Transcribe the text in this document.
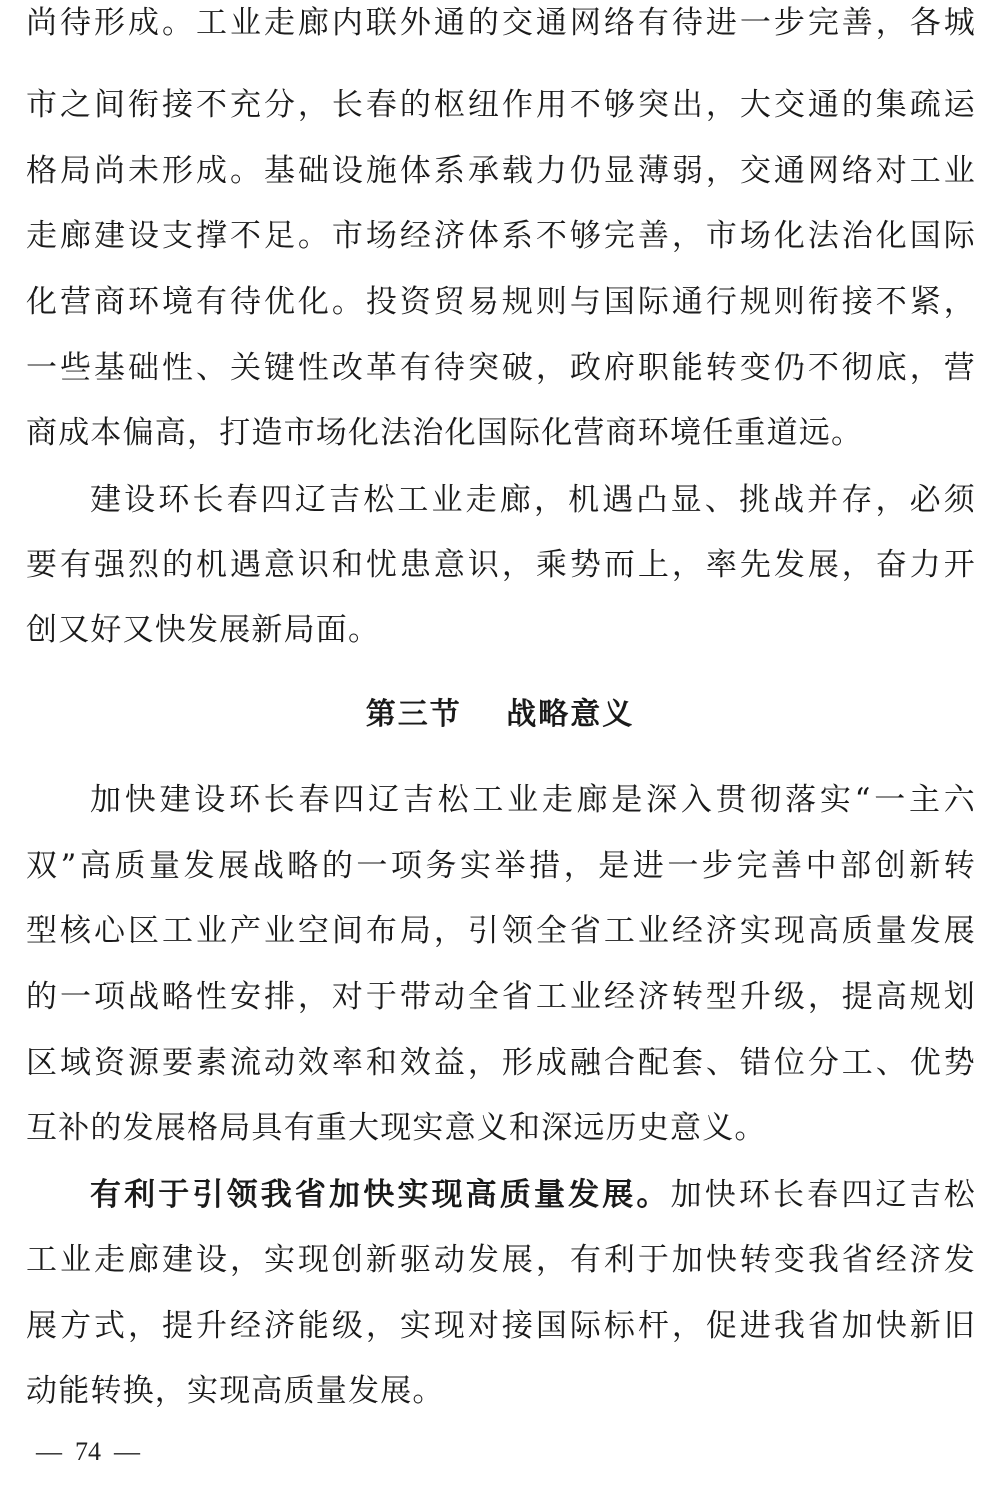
尚待形成。工业走廊内联外通的交通网络有待进一步完善，各城
市之间衔接不充分，长春的枢纽作用不够突出，大交通的集疏运
格局尚未形成。基础设施体系承载力仍显薄弱，交通网络对工业
走廊建设支撑不足。市场经济体系不够完善，市场化法治化国际
化营商环境有待优化。投资贸易规则与国际通行规则衔接不紧，
一些基础性、关键性改革有待突破，政府职能转变仍不彻底，营
商成本偏高，打造市场化法治化国际化营商环境任重道远。
建设环长春四辽吉松工业走廊，机遇凸显、挑战并存，必须
要有强烈的机遇意识和忧患意识，乘势而上，率先发展，奋力开
创又好又快发展新局面。
第三节　 战略意义
加快建设环长春四辽吉松工业走廊是深入贯彻落实“一主六
双”高质量发展战略的一项务实举措，是进一步完善中部创新转
型核心区工业产业空间布局，引领全省工业经济实现高质量发展
的一项战略性安排，对于带动全省工业经济转型升级，提高规划
区域资源要素流动效率和效益，形成融合配套、错位分工、优势
互补的发展格局具有重大现实意义和深远历史意义。
有利于引领我省加快实现高质量发展。加快环长春四辽吉松
工业走廊建设，实现创新驱动发展，有利于加快转变我省经济发
展方式，提升经济能级，实现对接国际标杆，促进我省加快新旧
动能转换，实现高质量发展。
—  74  —
